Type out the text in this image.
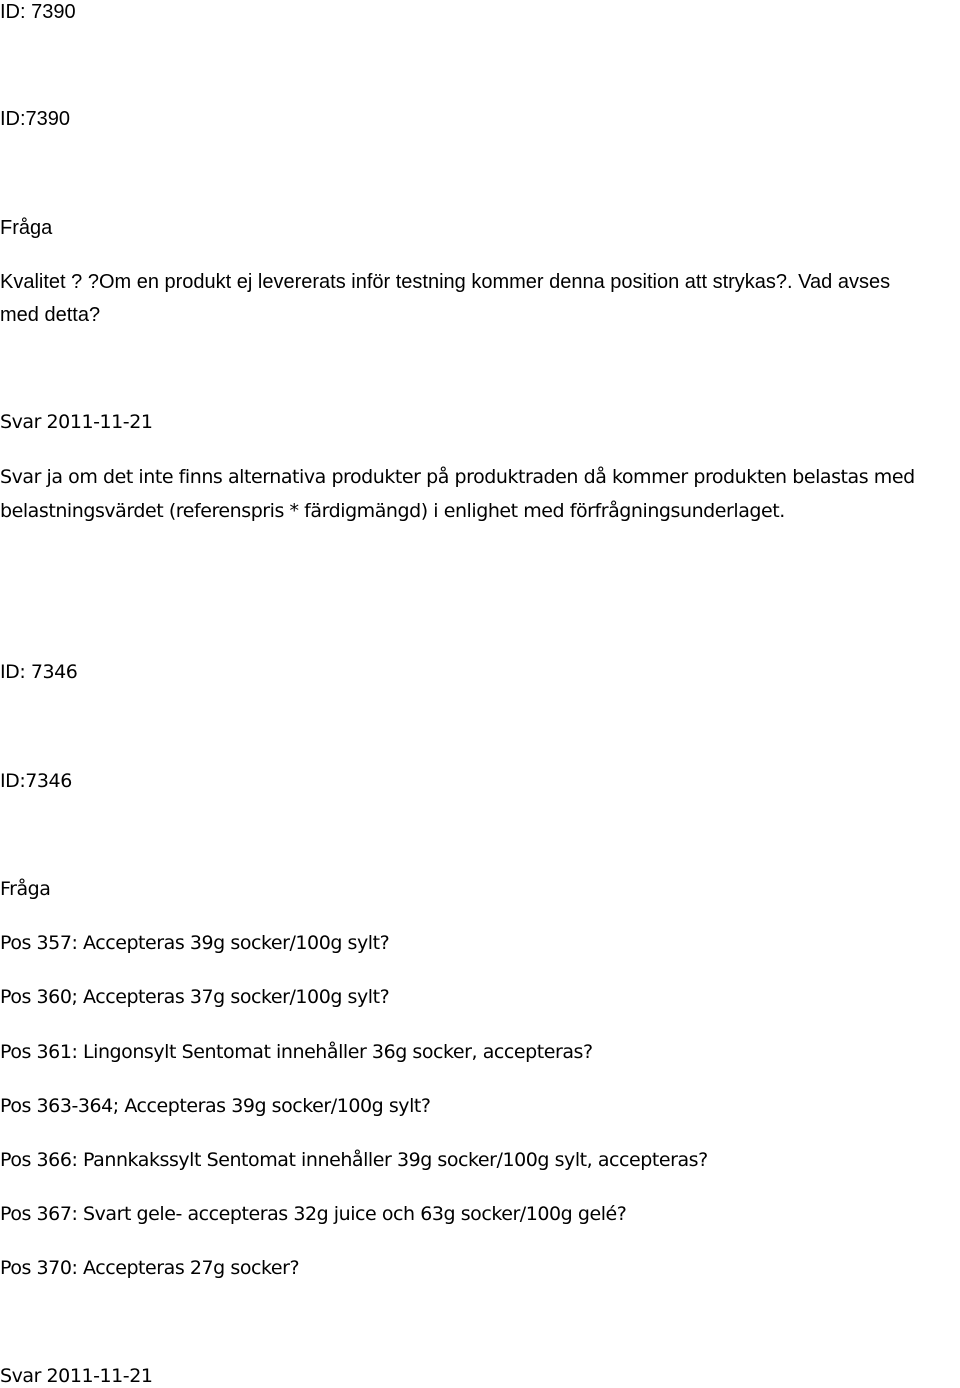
ID: 7390

ID:7390

Fråga

Kvalitet ? ?Om en produkt ej levererats inför testning kommer denna position att strykas?. Vad avses

med detta?

Svar 2011-11-21

Svar ja om det inte finns alternativa produkter på produktraden då kommer produkten belastas med

belastningsvärdet (referenspris * färdigmängd) i enlighet med förfrågningsunderlaget.

ID: 7346

ID:7346

Fråga

Pos 357: Accepteras 39g socker/100g sylt?

Pos 360; Accepteras 37g socker/100g sylt?

Pos 361: Lingonsylt Sentomat innehåller 36g socker, accepteras?

Pos 363-364; Accepteras 39g socker/100g sylt?

Pos 366: Pannkakssylt Sentomat innehåller 39g socker/100g sylt, accepteras?

Pos 367: Svart gele- accepteras 32g juice och 63g socker/100g gelé?

Pos 370: Accepteras 27g socker?

Svar 2011-11-21
